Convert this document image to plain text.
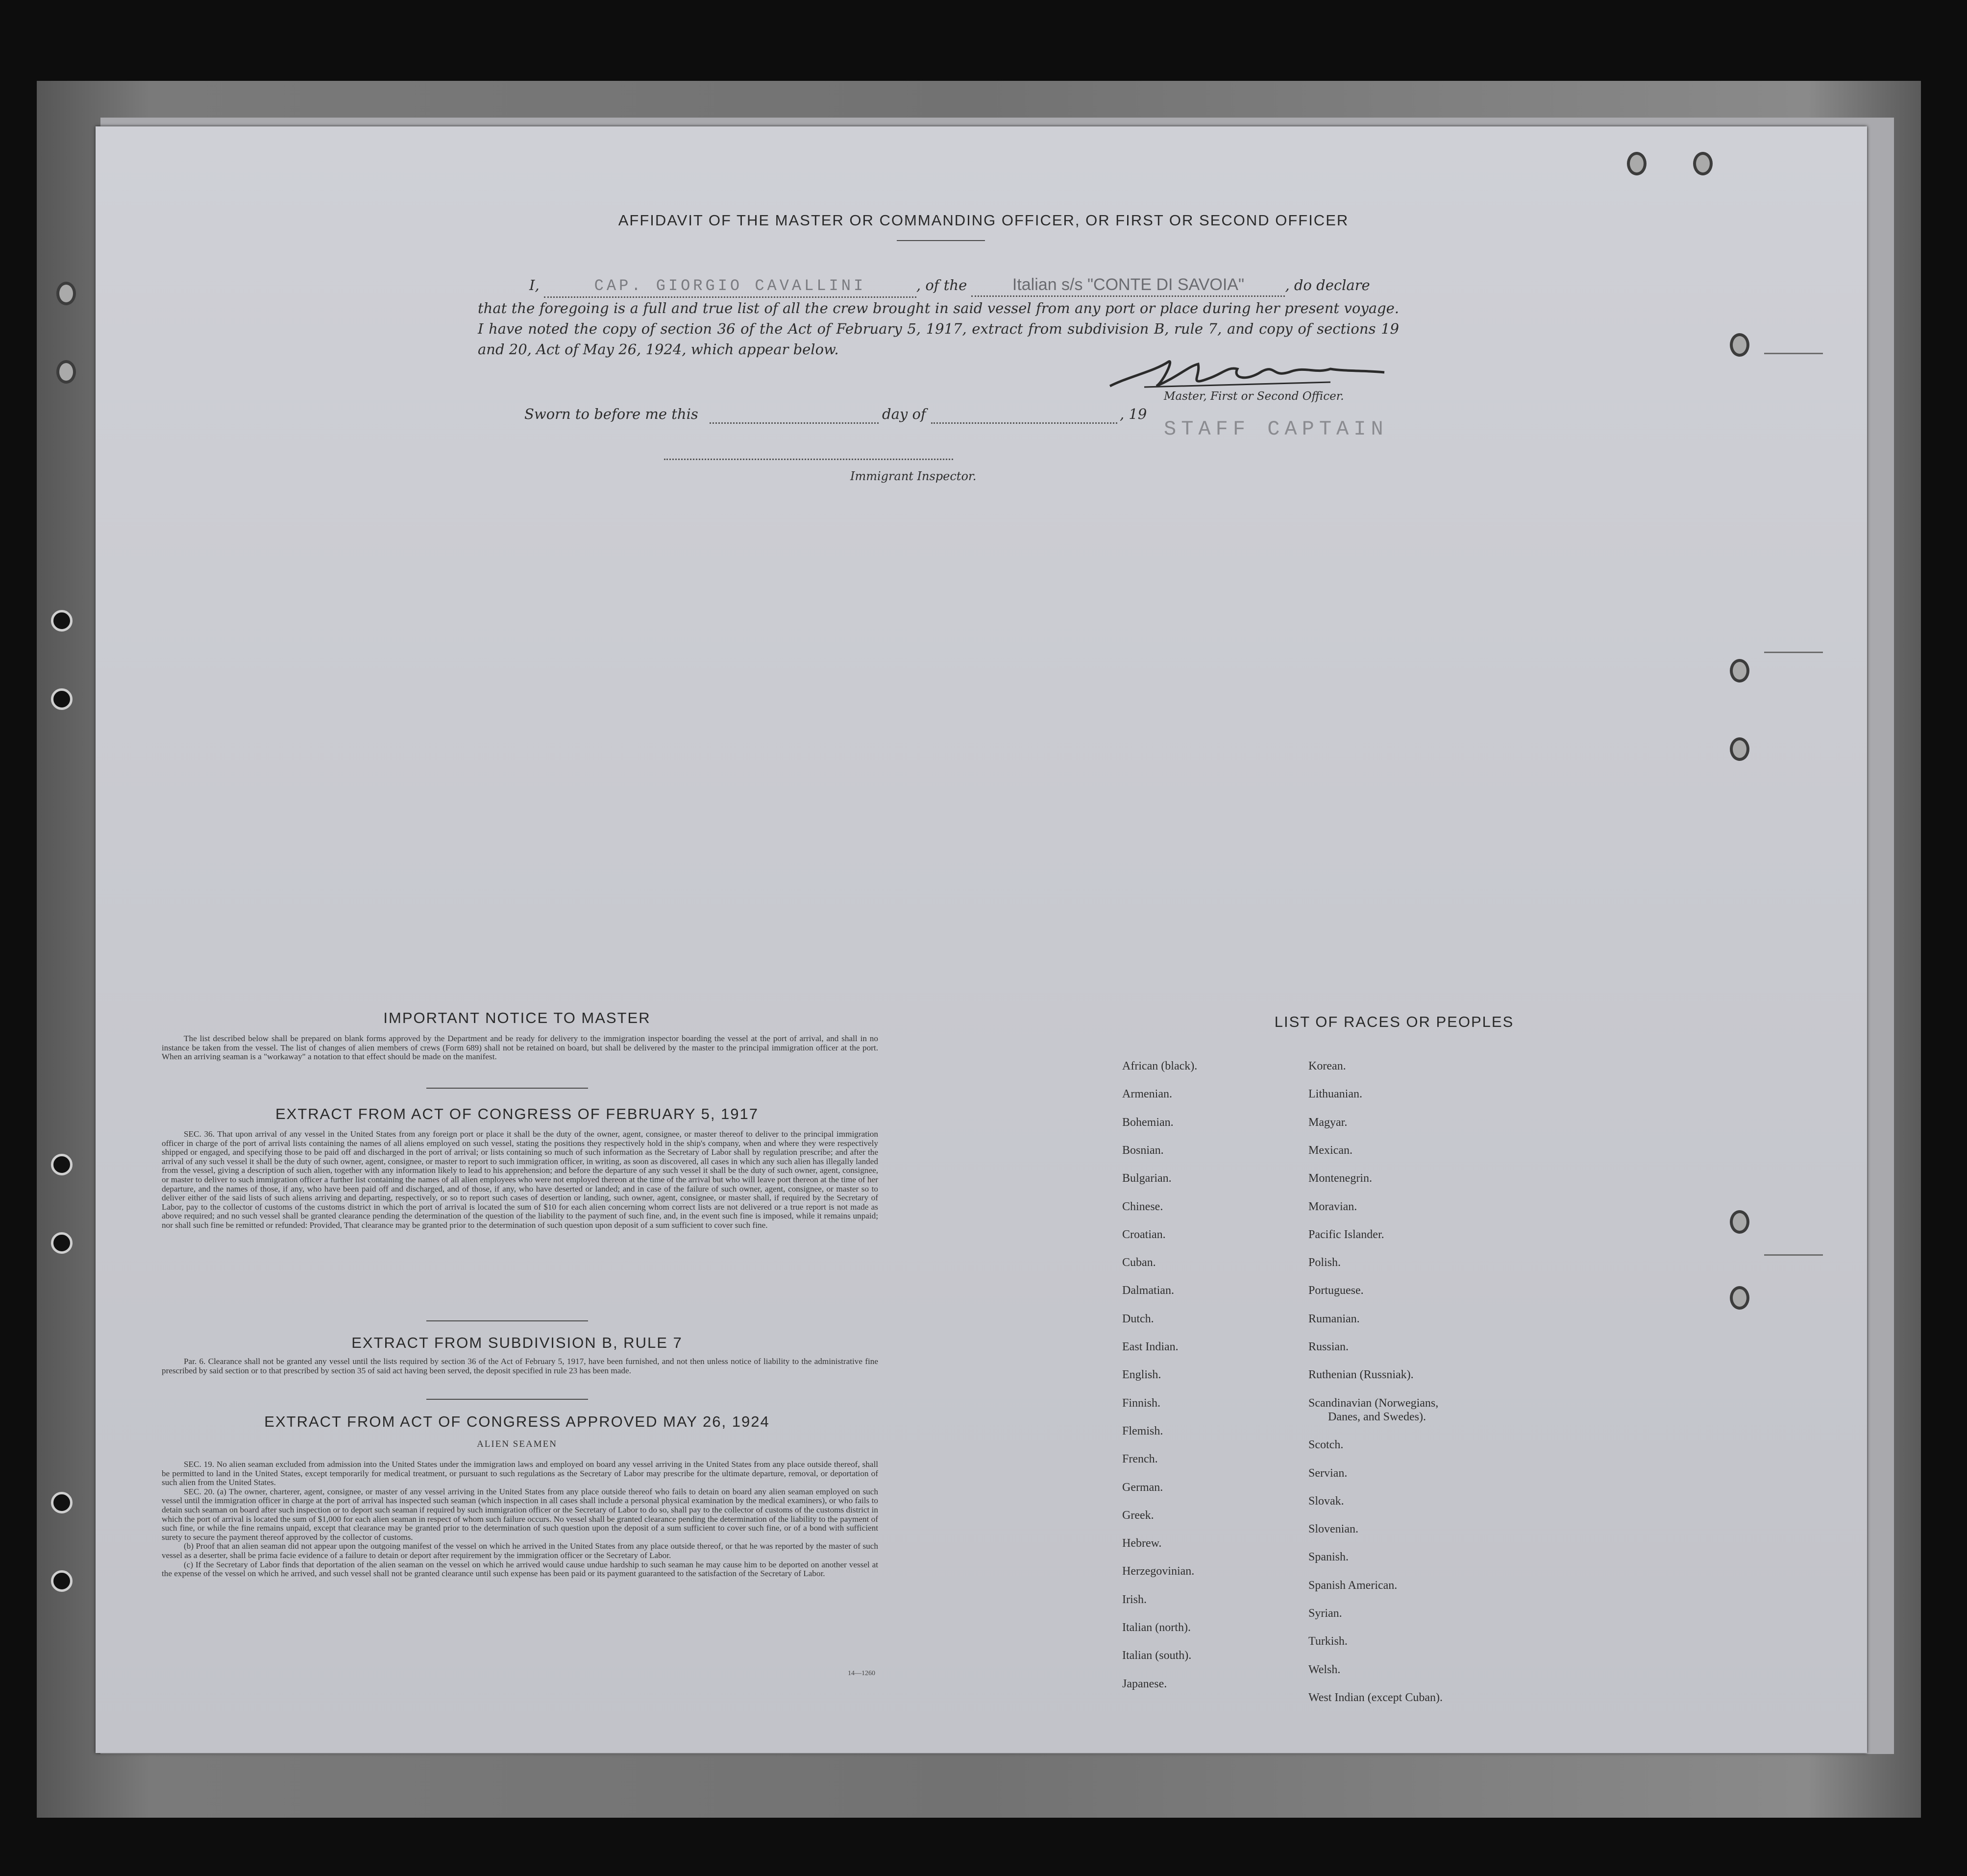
AFFIDAVIT OF THE MASTER OR COMMANDING OFFICER, OR FIRST OR SECOND OFFICER
I,	CAP. GIORGIO CAVALLINI	, of the	Italian s/s "CONTE DI SAVOIA"	, do declare
that the foregoing is a full and true list of all the crew brought in said vessel from any port or place during her present voyage. I have noted the copy of section 36 of the Act of February 5, 1917, extract from subdivision B, rule 7, and copy of sections 19 and 20, Act of May 26, 1924, which appear below.
Master, First or Second Officer.
Sworn to before me this	day of	, 19
STAFF CAPTAIN
Immigrant Inspector.
IMPORTANT NOTICE TO MASTER
The list described below shall be prepared on blank forms approved by the Department and be ready for delivery to the immigration inspector boarding the vessel at the port of arrival, and shall in no instance be taken from the vessel. The list of changes of alien members of crews (Form 689) shall not be retained on board, but shall be delivered by the master to the principal immigration officer at the port. When an arriving seaman is a "workaway" a notation to that effect should be made on the manifest.
EXTRACT FROM ACT OF CONGRESS OF FEBRUARY 5, 1917
SEC. 36. That upon arrival of any vessel in the United States from any foreign port or place it shall be the duty of the owner, agent, consignee, or master thereof to deliver to the principal immigration officer in charge of the port of arrival lists containing the names of all aliens employed on such vessel, stating the positions they respectively hold in the ship's company, when and where they were respectively shipped or engaged, and specifying those to be paid off and discharged in the port of arrival; or lists containing so much of such information as the Secretary of Labor shall by regulation prescribe; and after the arrival of any such vessel it shall be the duty of such owner, agent, consignee, or master to report to such immigration officer, in writing, as soon as discovered, all cases in which any such alien has illegally landed from the vessel, giving a description of such alien, together with any information likely to lead to his apprehension; and before the departure of any such vessel it shall be the duty of such owner, agent, consignee, or master to deliver to such immigration officer a further list containing the names of all alien employees who were not employed thereon at the time of the arrival but who will leave port thereon at the time of her departure, and the names of those, if any, who have been paid off and discharged, and of those, if any, who have deserted or landed; and in case of the failure of such owner, agent, consignee, or master so to deliver either of the said lists of such aliens arriving and departing, respectively, or so to report such cases of desertion or landing, such owner, agent, consignee, or master shall, if required by the Secretary of Labor, pay to the collector of customs of the customs district in which the port of arrival is located the sum of $10 for each alien concerning whom correct lists are not delivered or a true report is not made as above required; and no such vessel shall be granted clearance pending the determination of the question of the liability to the payment of such fine, and, in the event such fine is imposed, while it remains unpaid; nor shall such fine be remitted or refunded: Provided, That clearance may be granted prior to the determination of such question upon deposit of a sum sufficient to cover such fine.
EXTRACT FROM SUBDIVISION B, RULE 7
Par. 6. Clearance shall not be granted any vessel until the lists required by section 36 of the Act of February 5, 1917, have been furnished, and not then unless notice of liability to the administrative fine prescribed by said section or to that prescribed by section 35 of said act having been served, the deposit specified in rule 23 has been made.
EXTRACT FROM ACT OF CONGRESS APPROVED MAY 26, 1924
ALIEN SEAMEN

SEC. 19. No alien seaman excluded from admission into the United States under the immigration laws and employed on board any vessel arriving in the United States from any place outside thereof, shall be permitted to land in the United States, except temporarily for medical treatment, or pursuant to such regulations as the Secretary of Labor may prescribe for the ultimate departure, removal, or deportation of such alien from the United States.

SEC. 20. (a) The owner, charterer, agent, consignee, or master of any vessel arriving in the United States from any place outside thereof who fails to detain on board any alien seaman employed on such vessel until the immigration officer in charge at the port of arrival has inspected such seaman (which inspection in all cases shall include a personal physical examination by the medical examiners), or who fails to detain such seaman on board after such inspection or to deport such seaman if required by such immigration officer or the Secretary of Labor to do so, shall pay to the collector of customs of the customs district in which the port of arrival is located the sum of $1,000 for each alien seaman in respect of whom such failure occurs. No vessel shall be granted clearance pending the determination of the liability to the payment of such fine, or while the fine remains unpaid, except that clearance may be granted prior to the determination of such question upon the deposit of a sum sufficient to cover such fine, or of a bond with sufficient surety to secure the payment thereof approved by the collector of customs.

(b) Proof that an alien seaman did not appear upon the outgoing manifest of the vessel on which he arrived in the United States from any place outside thereof, or that he was reported by the master of such vessel as a deserter, shall be prima facie evidence of a failure to detain or deport after requirement by the immigration officer or the Secretary of Labor.

(c) If the Secretary of Labor finds that deportation of the alien seaman on the vessel on which he arrived would cause undue hardship to such seaman he may cause him to be deported on another vessel at the expense of the vessel on which he arrived, and such vessel shall not be granted clearance until such expense has been paid or its payment guaranteed to the satisfaction of the Secretary of Labor.

14—1260
LIST OF RACES OR PEOPLES
African (black).
Armenian.
Bohemian.
Bosnian.
Bulgarian.
Chinese.
Croatian.
Cuban.
Dalmatian.
Dutch.
East Indian.
English.
Finnish.
Flemish.
French.
German.
Greek.
Hebrew.
Herzegovinian.
Irish.
Italian (north).
Italian (south).
Japanese.
Korean.
Lithuanian.
Magyar.
Mexican.
Montenegrin.
Moravian.
Pacific Islander.
Polish.
Portuguese.
Rumanian.
Russian.
Ruthenian (Russniak).
Scandinavian (Norwegians,
Danes, and Swedes).
Scotch.
Servian.
Slovak.
Slovenian.
Spanish.
Spanish American.
Syrian.
Turkish.
Welsh.
West Indian (except Cuban).
